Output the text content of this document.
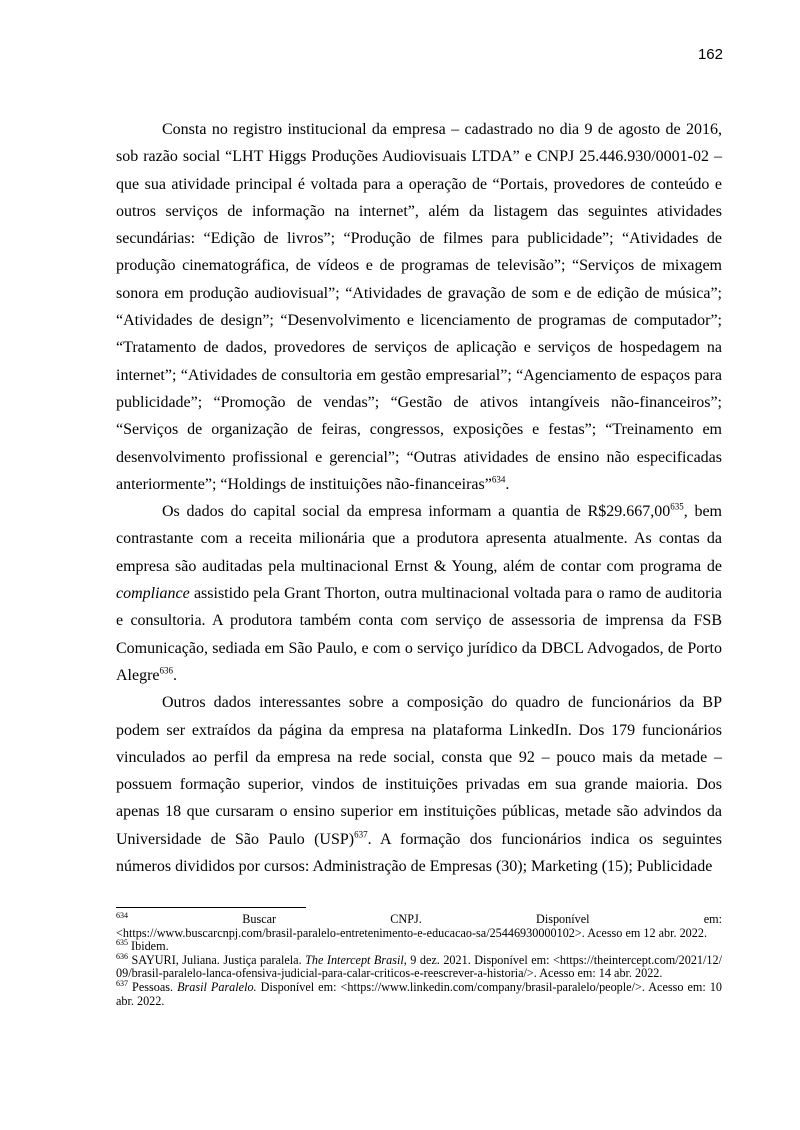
162

Consta no registro institucional da empresa – cadastrado no dia 9 de agosto de 2016, sob razão social “LHT Higgs Produções Audiovisuais LTDA” e CNPJ 25.446.930/0001-02 – que sua atividade principal é voltada para a operação de “Portais, provedores de conteúdo e outros serviços de informação na internet”, além da listagem das seguintes atividades secundárias: “Edição de livros”; “Produção de filmes para publicidade”; “Atividades de produção cinematográfica, de vídeos e de programas de televisão”; “Serviços de mixagem sonora em produção audiovisual”; “Atividades de gravação de som e de edição de música”; “Atividades de design”; “Desenvolvimento e licenciamento de programas de computador”; “Tratamento de dados, provedores de serviços de aplicação e serviços de hospedagem na internet”; “Atividades de consultoria em gestão empresarial”; “Agenciamento de espaços para publicidade”; “Promoção de vendas”; “Gestão de ativos intangíveis não-financeiros”; “Serviços de organização de feiras, congressos, exposições e festas”; “Treinamento em desenvolvimento profissional e gerencial”; “Outras atividades de ensino não especificadas anteriormente”; “Holdings de instituições não-financeiras”$^{634}$.

Os dados do capital social da empresa informam a quantia de R$29.667,00$^{635}$, bem contrastante com a receita milionária que a produtora apresenta atualmente. As contas da empresa são auditadas pela multinacional Ernst & Young, além de contar com programa de compliance assistido pela Grant Thorton, outra multinacional voltada para o ramo de auditoria e consultoria. A produtora também conta com serviço de assessoria de imprensa da FSB Comunicação, sediada em São Paulo, e com o serviço jurídico da DBCL Advogados, de Porto Alegre$^{636}$.

Outros dados interessantes sobre a composição do quadro de funcionários da BP podem ser extraídos da página da empresa na plataforma LinkedIn. Dos 179 funcionários vinculados ao perfil da empresa na rede social, consta que 92 – pouco mais da metade – possuem formação superior, vindos de instituições privadas em sua grande maioria. Dos apenas 18 que cursaram o ensino superior em instituições públicas, metade são advindos da Universidade de São Paulo (USP)$^{637}$. A formação dos funcionários indica os seguintes números divididos por cursos: Administração de Empresas (30); Marketing (15); Publicidade

$^{634}$	Buscar CNPJ. Disponível em:
<https://www.buscarcnpj.com/brasil-paralelo-entretenimento-e-educacao-sa/25446930000102>. Acesso em 12 abr. 2022.
$^{635}$ Ibidem.
$^{636}$ SAYURI, Juliana. Justiça paralela. The Intercept Brasil, 9 dez. 2021. Disponível em: <https://theintercept.com/2021/12/09/brasil-paralelo-lanca-ofensiva-judicial-para-calar-criticos-e-reescrever-a-historia/>. Acesso em: 14 abr. 2022.
$^{637}$ Pessoas. Brasil Paralelo. Disponível em: <https://www.linkedin.com/company/brasil-paralelo/people/>. Acesso em: 10 abr. 2022.
